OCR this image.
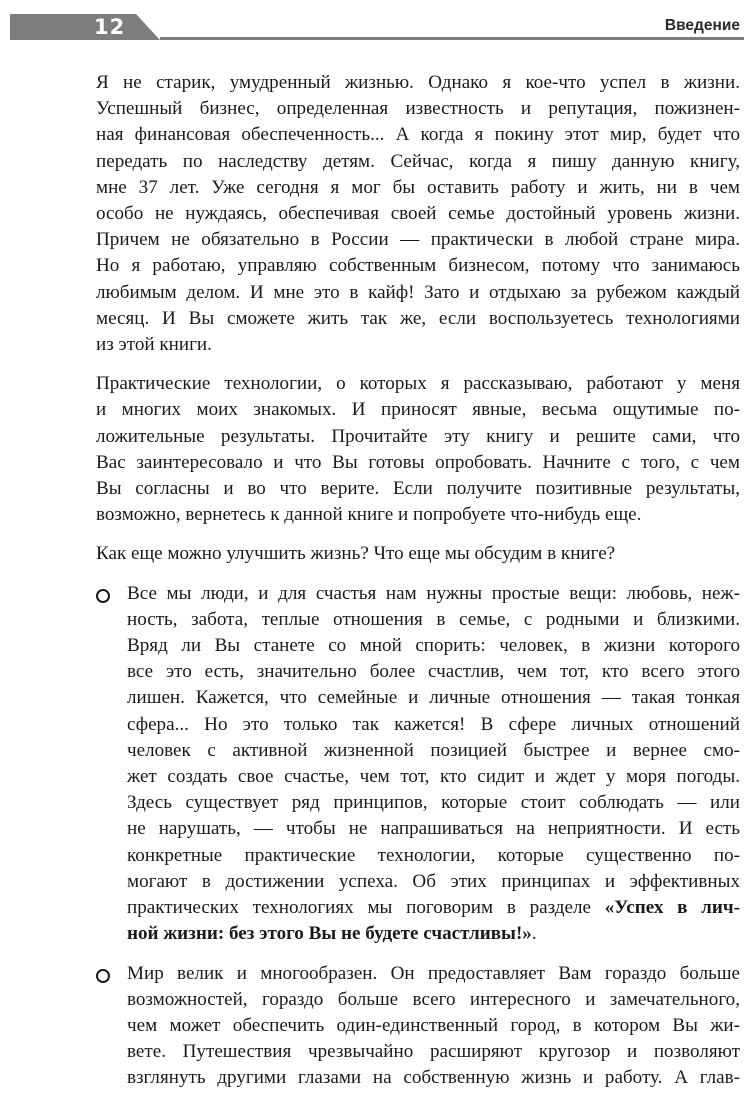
12	Введение
Я не старик, умудренный жизнью. Однако я кое-что успел в жизни.
Успешный бизнес, определенная известность и репутация, пожизнен-
ная финансовая обеспеченность... А когда я покину этот мир, будет что
передать по наследству детям. Сейчас, когда я пишу данную книгу,
мне 37 лет. Уже сегодня я мог бы оставить работу и жить, ни в чем
особо не нуждаясь, обеспечивая своей семье достойный уровень жизни.
Причем не обязательно в России — практически в любой стране мира.
Но я работаю, управляю собственным бизнесом, потому что занимаюсь
любимым делом. И мне это в кайф! Зато и отдыхаю за рубежом каждый
месяц. И Вы сможете жить так же, если воспользуетесь технологиями
из этой книги.
Практические технологии, о которых я рассказываю, работают у меня
и многих моих знакомых. И приносят явные, весьма ощутимые по-
ложительные результаты. Прочитайте эту книгу и решите сами, что
Вас заинтересовало и что Вы готовы опробовать. Начните с того, с чем
Вы согласны и во что верите. Если получите позитивные результаты,
возможно, вернетесь к данной книге и попробуете что-нибудь еще.
Как еще можно улучшить жизнь? Что еще мы обсудим в книге?
Все мы люди, и для счастья нам нужны простые вещи: любовь, неж-
ность, забота, теплые отношения в семье, с родными и близкими.
Вряд ли Вы станете со мной спорить: человек, в жизни которого
все это есть, значительно более счастлив, чем тот, кто всего этого
лишен. Кажется, что семейные и личные отношения — такая тонкая
сфера... Но это только так кажется! В сфере личных отношений
человек с активной жизненной позицией быстрее и вернее смо-
жет создать свое счастье, чем тот, кто сидит и ждет у моря погоды.
Здесь существует ряд принципов, которые стоит соблюдать — или
не нарушать, — чтобы не напрашиваться на неприятности. И есть
конкретные практические технологии, которые существенно по-
могают в достижении успеха. Об этих принципах и эффективных
практических технологиях мы поговорим в разделе «Успех в лич-
ной жизни: без этого Вы не будете счастливы!».
Мир велик и многообразен. Он предоставляет Вам гораздо больше
возможностей, гораздо больше всего интересного и замечательного,
чем может обеспечить один-единственный город, в котором Вы жи-
вете. Путешествия чрезвычайно расширяют кругозор и позволяют
взглянуть другими глазами на собственную жизнь и работу. А глав-
